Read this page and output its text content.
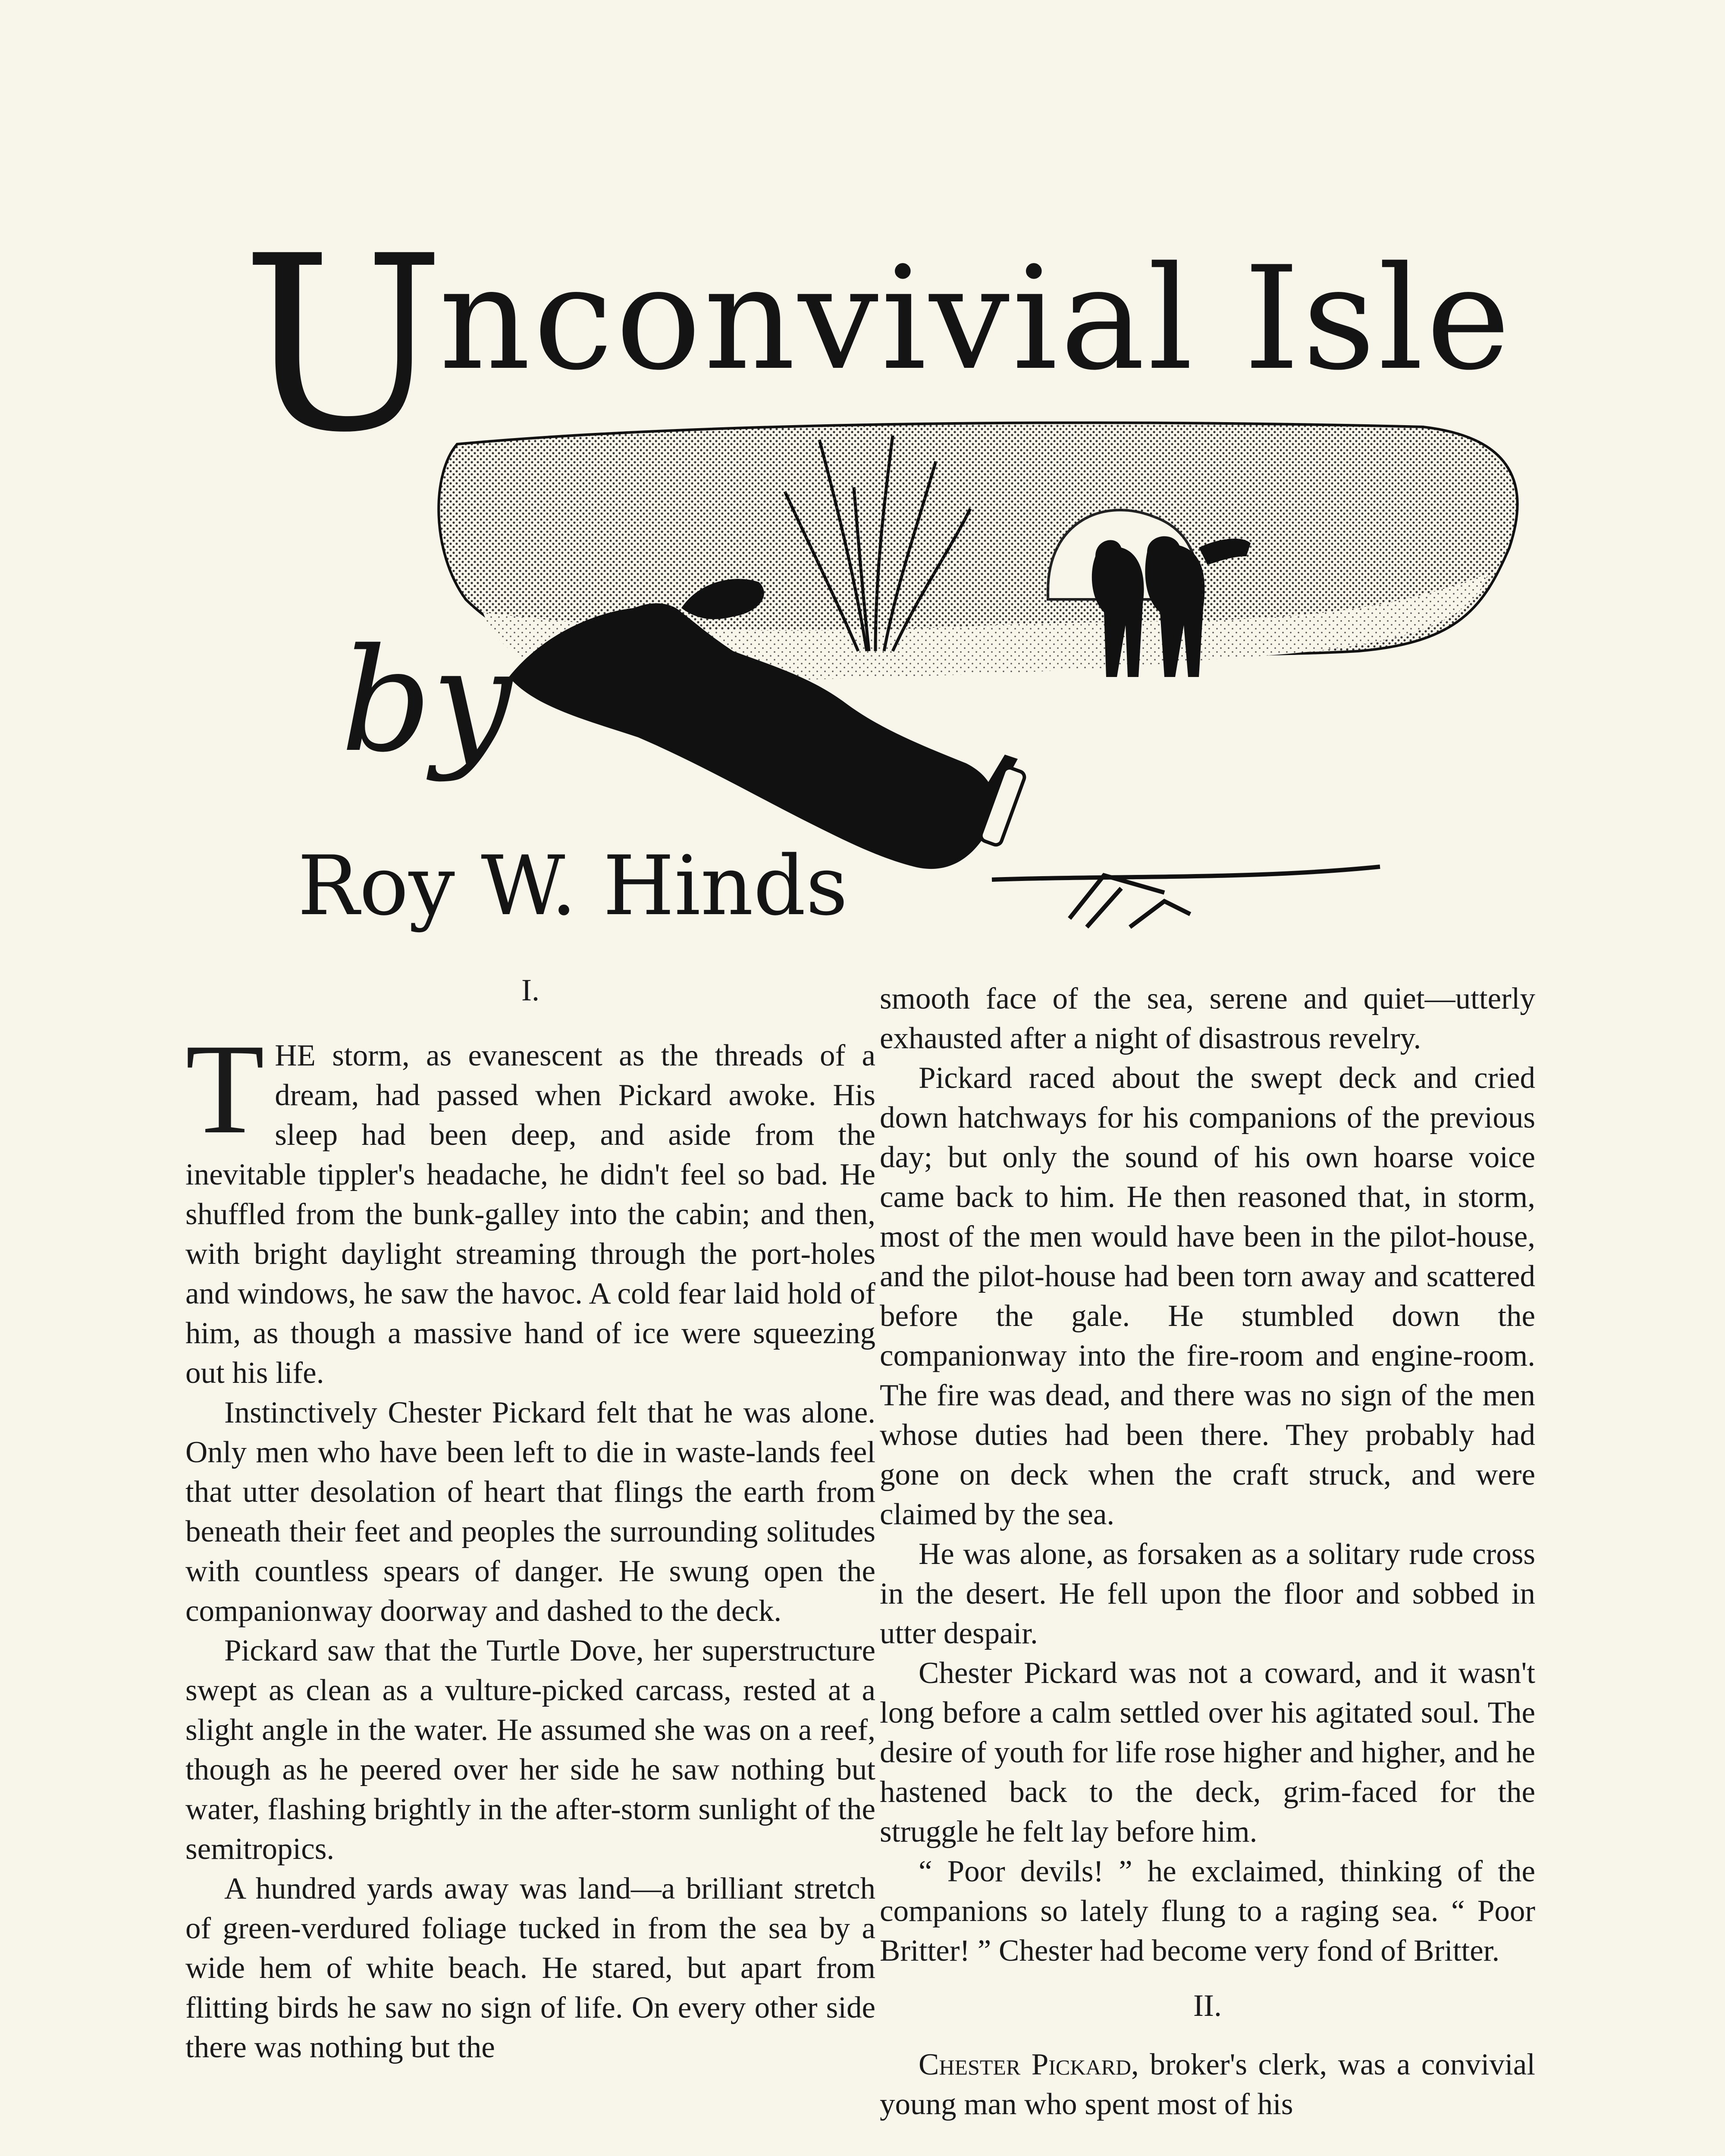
Unconvivial Isle
by
Roy W. Hinds
I.

THE storm, as evanescent as the threads of a dream, had passed when Pickard awoke. His sleep had been deep, and aside from the inevitable tippler's headache, he didn't feel so bad. He shuffled from the bunk-galley into the cabin; and then, with bright daylight streaming through the port-holes and windows, he saw the havoc. A cold fear laid hold of him, as though a massive hand of ice were squeezing out his life.

Instinctively Chester Pickard felt that he was alone. Only men who have been left to die in waste-lands feel that utter desolation of heart that flings the earth from beneath their feet and peoples the surrounding solitudes with countless spears of danger. He swung open the companionway doorway and dashed to the deck.

Pickard saw that the Turtle Dove, her superstructure swept as clean as a vulture-picked carcass, rested at a slight angle in the water. He assumed she was on a reef, though as he peered over her side he saw nothing but water, flashing brightly in the after-storm sunlight of the semitropics.

A hundred yards away was land—a brilliant stretch of green-verdured foliage tucked in from the sea by a wide hem of white beach. He stared, but apart from flitting birds he saw no sign of life. On every other side there was nothing but the

smooth face of the sea, serene and quiet—utterly exhausted after a night of disastrous revelry.

Pickard raced about the swept deck and cried down hatchways for his companions of the previous day; but only the sound of his own hoarse voice came back to him. He then reasoned that, in storm, most of the men would have been in the pilot-house, and the pilot-house had been torn away and scattered before the gale. He stumbled down the companionway into the fire-room and engine-room. The fire was dead, and there was no sign of the men whose duties had been there. They probably had gone on deck when the craft struck, and were claimed by the sea.

He was alone, as forsaken as a solitary rude cross in the desert. He fell upon the floor and sobbed in utter despair.

Chester Pickard was not a coward, and it wasn't long before a calm settled over his agitated soul. The desire of youth for life rose higher and higher, and he hastened back to the deck, grim-faced for the struggle he felt lay before him.

“ Poor devils! ” he exclaimed, thinking of the companions so lately flung to a raging sea. “ Poor Britter! ” Chester had become very fond of Britter.

II.

Chester Pickard, broker's clerk, was a convivial young man who spent most of his
